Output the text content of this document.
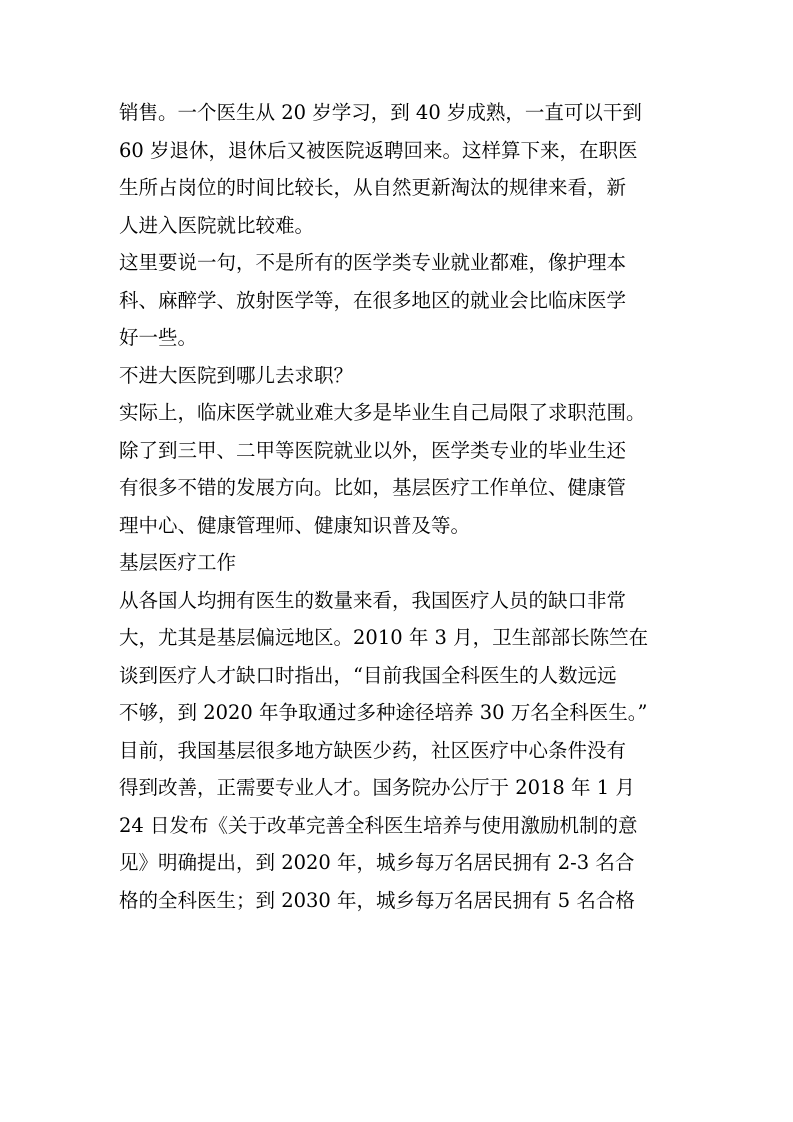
销售。一个医生从 20 岁学习，到 40 岁成熟，一直可以干到
60 岁退休，退休后又被医院返聘回来。这样算下来，在职医
生所占岗位的时间比较长，从自然更新淘汰的规律来看，新
人进入医院就比较难。
这里要说一句，不是所有的医学类专业就业都难，像护理本
科、麻醉学、放射医学等，在很多地区的就业会比临床医学
好一些。
不进大医院到哪儿去求职？
实际上，临床医学就业难大多是毕业生自己局限了求职范围。
除了到三甲、二甲等医院就业以外，医学类专业的毕业生还
有很多不错的发展方向。比如，基层医疗工作单位、健康管
理中心、健康管理师、健康知识普及等。
基层医疗工作
从各国人均拥有医生的数量来看，我国医疗人员的缺口非常
大，尤其是基层偏远地区。2010 年 3 月，卫生部部长陈竺在
谈到医疗人才缺口时指出，“目前我国全科医生的人数远远
不够，到 2020 年争取通过多种途径培养 30 万名全科医生。”
目前，我国基层很多地方缺医少药，社区医疗中心条件没有
得到改善，正需要专业人才。国务院办公厅于 2018 年 1 月
24 日发布《关于改革完善全科医生培养与使用激励机制的意
见》明确提出，到 2020 年，城乡每万名居民拥有 2-3 名合
格的全科医生；到 2030 年，城乡每万名居民拥有 5 名合格
